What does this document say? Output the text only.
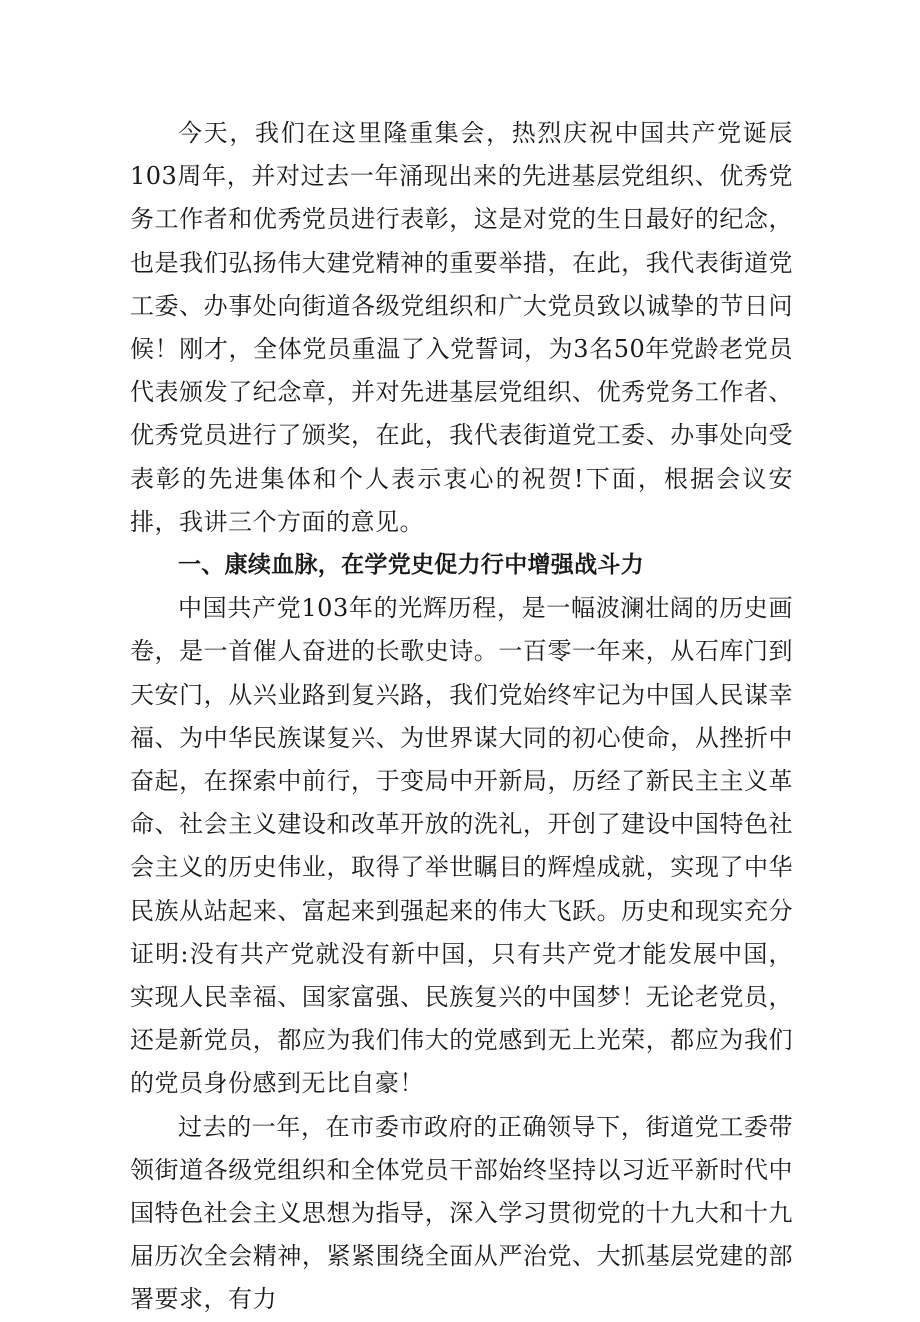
今天，我们在这里隆重集会，热烈庆祝中国共产党诞辰103周年，并对过去一年涌现出来的先进基层党组织、优秀党务工作者和优秀党员进行表彰，这是对党的生日最好的纪念，也是我们弘扬伟大建党精神的重要举措，在此，我代表街道党工委、办事处向街道各级党组织和广大党员致以诚挚的节日问候！刚才，全体党员重温了入党誓词，为3名50年党龄老党员代表颁发了纪念章，并对先进基层党组织、优秀党务工作者、优秀党员进行了颁奖，在此，我代表街道党工委、办事处向受表彰的先进集体和个人表示衷心的祝贺!下面，根据会议安排，我讲三个方面的意见。

一、康续血脉，在学党史促力行中增强战斗力

中国共产党103年的光辉历程，是一幅波澜壮阔的历史画卷，是一首催人奋进的长歌史诗。一百零一年来，从石库门到天安门，从兴业路到复兴路，我们党始终牢记为中国人民谋幸福、为中华民族谋复兴、为世界谋大同的初心使命，从挫折中奋起，在探索中前行，于变局中开新局，历经了新民主主义革命、社会主义建设和改革开放的洗礼，开创了建设中国特色社会主义的历史伟业，取得了举世瞩目的辉煌成就，实现了中华民族从站起来、富起来到强起来的伟大飞跃。历史和现实充分证明:没有共产党就没有新中国，只有共产党才能发展中国，实现人民幸福、国家富强、民族复兴的中国梦！无论老党员，还是新党员，都应为我们伟大的党感到无上光荣，都应为我们的党员身份感到无比自豪！

过去的一年，在市委市政府的正确领导下，街道党工委带领街道各级党组织和全体党员干部始终坚持以习近平新时代中国特色社会主义思想为指导，深入学习贯彻党的十九大和十九届历次全会精神，紧紧围绕全面从严治党、大抓基层党建的部署要求，有力
